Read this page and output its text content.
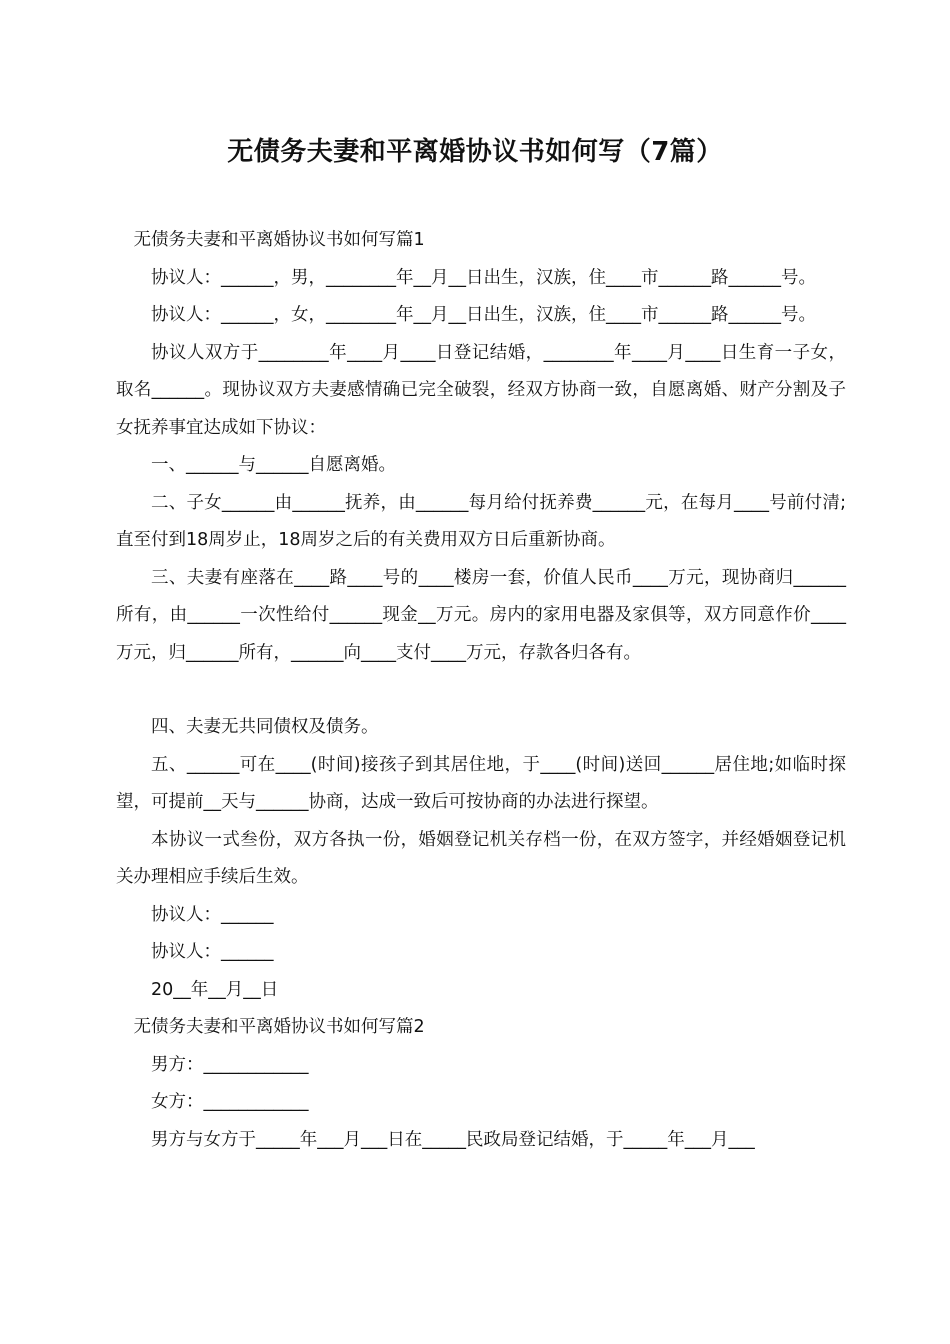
无债务夫妻和平离婚协议书如何写（7篇）

无债务夫妻和平离婚协议书如何写篇1

协议人：______，男，________年__月__日出生，汉族，住____市______路______号。

协议人：______，女，________年__月__日出生，汉族，住____市______路______号。

协议人双方于________年____月____日登记结婚，________年____月____日生育一子女，取名______。现协议双方夫妻感情确已完全破裂，经双方协商一致，自愿离婚、财产分割及子女抚养事宜达成如下协议：

一、______与______自愿离婚。

二、子女______由______抚养，由______每月给付抚养费______元，在每月____号前付清;直至付到18周岁止，18周岁之后的有关费用双方日后重新协商。

三、夫妻有座落在____路____号的____楼房一套，价值人民币____万元，现协商归______所有，由______一次性给付______现金__万元。房内的家用电器及家俱等，双方同意作价____万元，归______所有，______向____支付____万元，存款各归各有。

四、夫妻无共同债权及债务。

五、______可在____(时间)接孩子到其居住地，于____(时间)送回______居住地;如临时探望，可提前__天与______协商，达成一致后可按协商的办法进行探望。

本协议一式叁份，双方各执一份，婚姻登记机关存档一份，在双方签字，并经婚姻登记机关办理相应手续后生效。

协议人：______

协议人：______

20__年__月__日

无债务夫妻和平离婚协议书如何写篇2

男方：____________

女方：____________

男方与女方于_____年___月___日在_____民政局登记结婚，于_____年___月___
